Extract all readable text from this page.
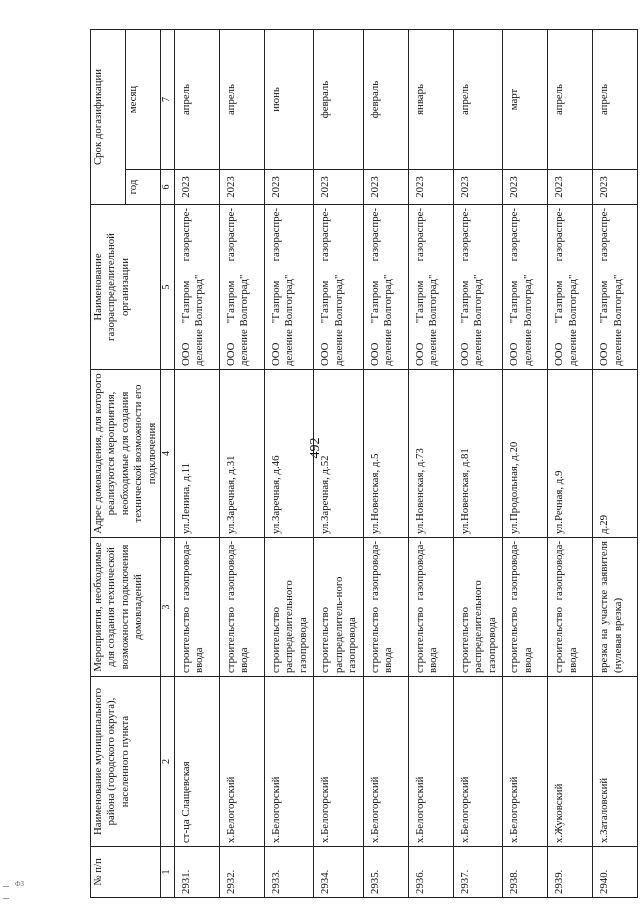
492
№ п/п	Наименование муниципального района (городского округа), населенного пункта	Мероприятия, необходимые для создания технической возможности подключения домовладений	Адрес домовладения, для которого реализуются мероприятия, необходимые для создания технической возможности его подключения	Наименование газораспределительной организации	Срок догазификации	
					год	месяц
1	2	3	4	5	6	7
2931.	ст-ца Слащевская	строительство газопровода-ввода	ул.Ленина, д.11	ООО "Газпром газораспре-деление Волгоград"	2023	апрель
2932.	х.Белогорский	строительство газопровода-ввода	ул.Заречная, д.31	ООО "Газпром газораспре-деление Волгоград"	2023	апрель
2933.	х.Белогорский	строительство распределительного газопровода	ул.Заречная, д.46	ООО "Газпром газораспре-деление Волгоград"	2023	июнь
2934.	х.Белогорский	строительство распределитель-ного газопровода	ул.Заречная, д.52	ООО "Газпром газораспре-деление Волгоград"	2023	февраль
2935.	х.Белогорский	строительство газопровода-ввода	ул.Новенская, д.5	ООО "Газпром газораспре-деление Волгоград"	2023	февраль
2936.	х.Белогорский	строительство газопровода-ввода	ул.Новенская, д.73	ООО "Газпром газораспре-деление Волгоград"	2023	январь
2937.	х.Белогорский	строительство распределительного газопровода	ул.Новенская, д.81	ООО "Газпром газораспре-деление Волгоград"	2023	апрель
2938.	х.Белогорский	строительство газопровода-ввода	ул.Продольная, д.20	ООО "Газпром газораспре-деление Волгоград"	2023	март
2939.	х.Жуковский	строительство газопровода-ввода	ул.Речная, д.9	ООО "Газпром газораспре-деление Волгоград"	2023	апрель
2940.	х.Заталовский	врезка на участке заявителя (нулевая врезка)	д.29	ООО "Газпром газораспре-деление Волгоград"	2023	апрель
ФЗ
